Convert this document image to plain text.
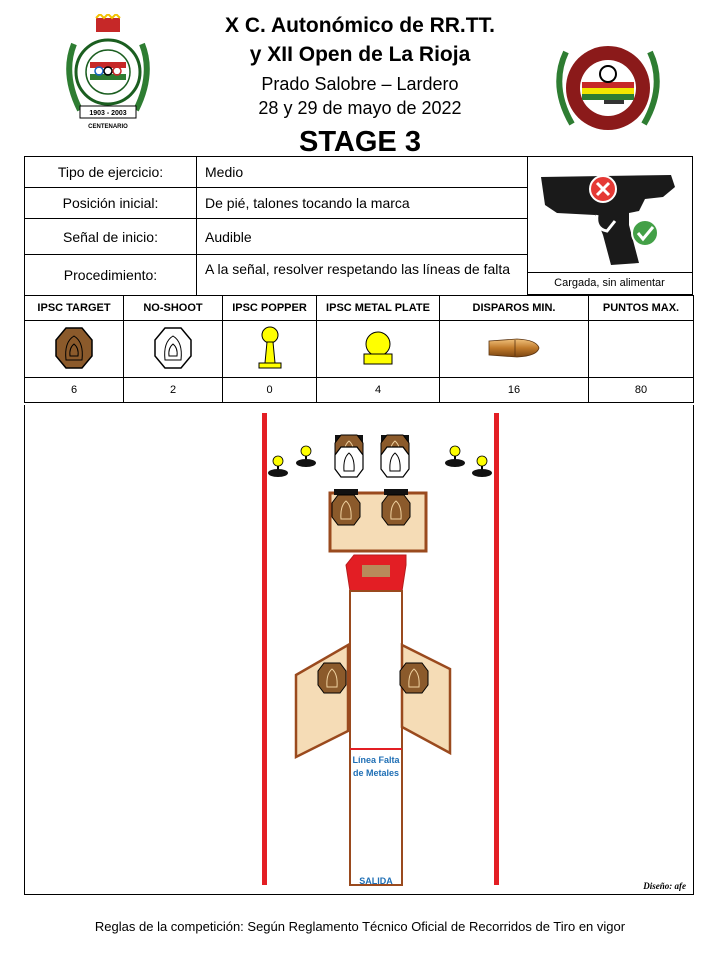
X C. Autonómico de RR.TT.
y XII Open de La Rioja
Prado Salobre – Lardero
28 y 29 de mayo de 2022
STAGE 3
1903 - 2003
CENTENARIO
Tipo de ejercicio:	Medio
Posición inicial:	De pié, talones tocando la marca
Señal de inicio:	Audible
Procedimiento:	A la señal, resolver respetando las líneas de falta
Cargada, sin alimentar
IPSC TARGET	NO-SHOOT	IPSC POPPER	IPSC METAL PLATE	DISPAROS MIN.	PUNTOS MAX.

6	2	0	4	16	80
Línea Falta
de Metales
SALIDA	Diseño: afe
Reglas de la competición: Según Reglamento Técnico Oficial de Recorridos de Tiro en vigor
